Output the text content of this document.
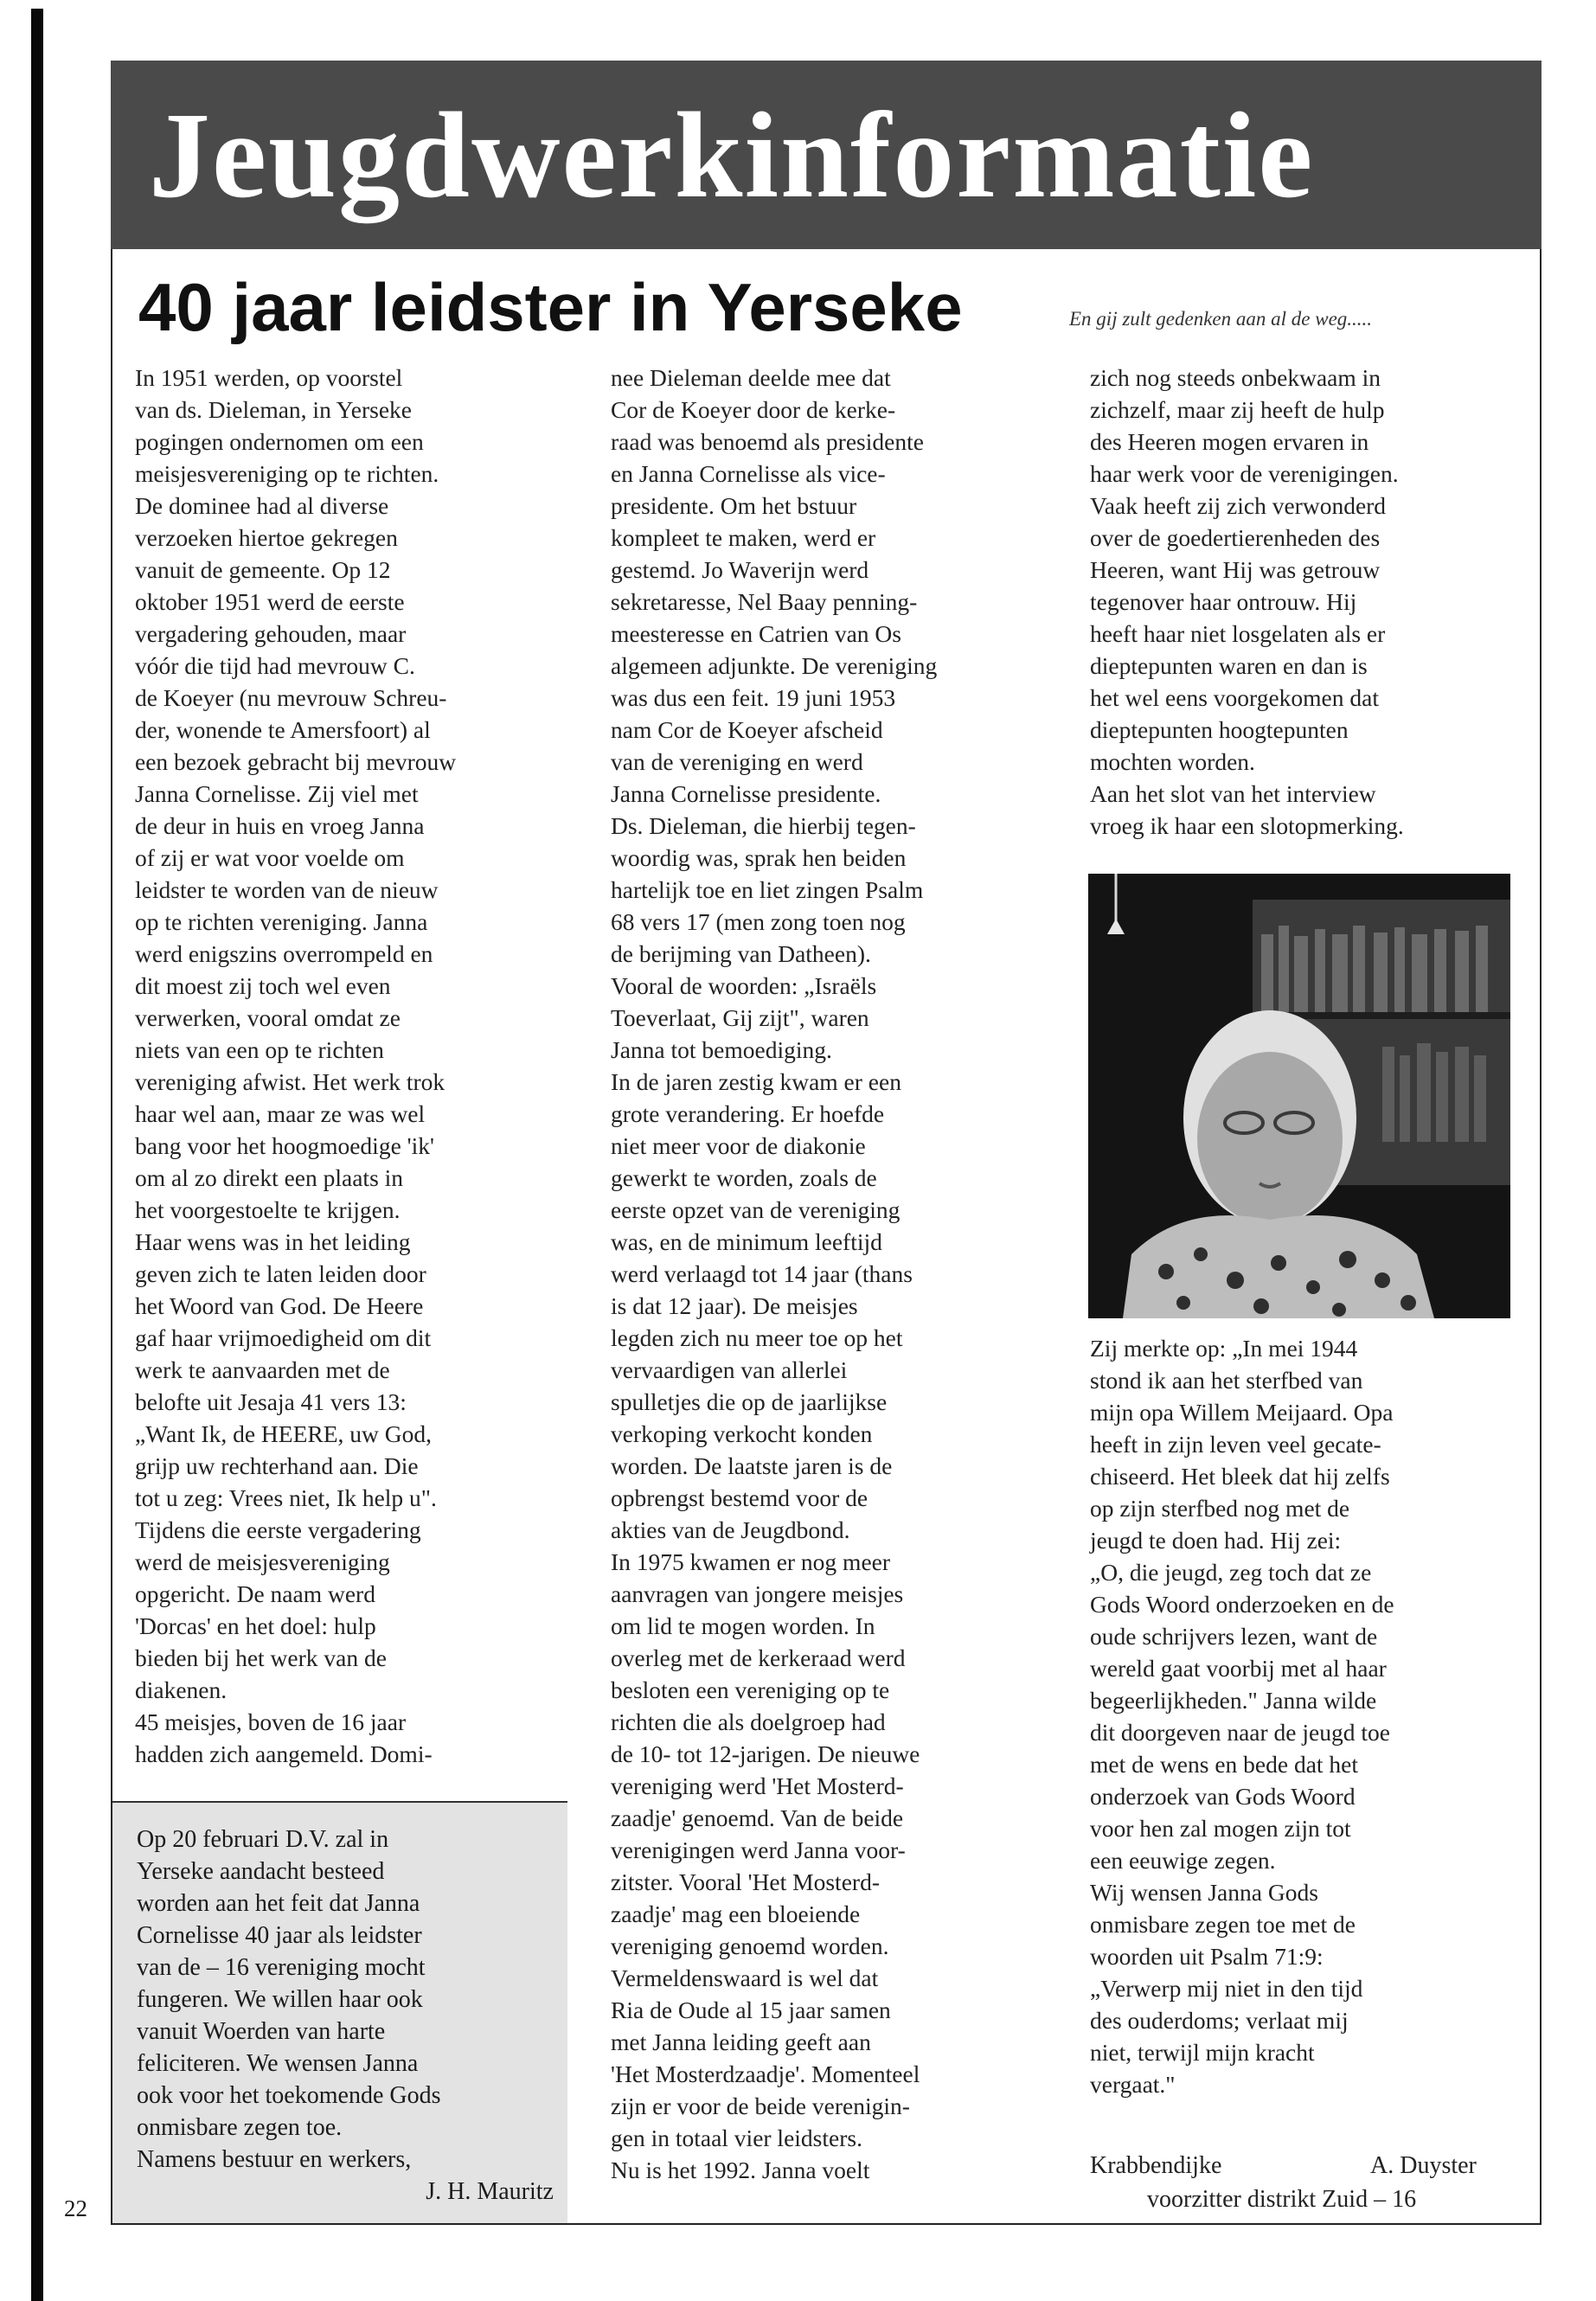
Jeugdwerkinformatie
40 jaar leidster in Yerseke	En gij zult gedenken aan al de weg.....

In 1951 werden, op voorstel

van ds. Dieleman, in Yerseke

pogingen ondernomen om een

meisjesvereniging op te richten.

De dominee had al diverse

verzoeken hiertoe gekregen

vanuit de gemeente. Op 12

oktober 1951 werd de eerste

vergadering gehouden, maar

vóór die tijd had mevrouw C.

de Koeyer (nu mevrouw Schreu-

der, wonende te Amersfoort) al

een bezoek gebracht bij mevrouw

Janna Cornelisse. Zij viel met

de deur in huis en vroeg Janna

of zij er wat voor voelde om

leidster te worden van de nieuw

op te richten vereniging. Janna

werd enigszins overrompeld en

dit moest zij toch wel even

verwerken, vooral omdat ze

niets van een op te richten

vereniging afwist. Het werk trok

haar wel aan, maar ze was wel

bang voor het hoogmoedige 'ik'

om al zo direkt een plaats in

het voorgestoelte te krijgen.

Haar wens was in het leiding

geven zich te laten leiden door

het Woord van God. De Heere

gaf haar vrijmoedigheid om dit

werk te aanvaarden met de

belofte uit Jesaja 41 vers 13:

„Want Ik, de HEERE, uw God,

grijp uw rechterhand aan. Die

tot u zeg: Vrees niet, Ik help u".

Tijdens die eerste vergadering

werd de meisjesvereniging

opgericht. De naam werd

'Dorcas' en het doel: hulp

bieden bij het werk van de

diakenen.

45 meisjes, boven de 16 jaar

hadden zich aangemeld. Domi-

nee Dieleman deelde mee dat

Cor de Koeyer door de kerke-

raad was benoemd als presidente

en Janna Cornelisse als vice-

presidente. Om het bstuur

kompleet te maken, werd er

gestemd. Jo Waverijn werd

sekretaresse, Nel Baay penning-

meesteresse en Catrien van Os

algemeen adjunkte. De vereniging

was dus een feit. 19 juni 1953

nam Cor de Koeyer afscheid

van de vereniging en werd

Janna Cornelisse presidente.

Ds. Dieleman, die hierbij tegen-

woordig was, sprak hen beiden

hartelijk toe en liet zingen Psalm

68 vers 17 (men zong toen nog

de berijming van Datheen).

Vooral de woorden: „Israëls

Toeverlaat, Gij zijt", waren

Janna tot bemoediging.

In de jaren zestig kwam er een

grote verandering. Er hoefde

niet meer voor de diakonie

gewerkt te worden, zoals de

eerste opzet van de vereniging

was, en de minimum leeftijd

werd verlaagd tot 14 jaar (thans

is dat 12 jaar). De meisjes

legden zich nu meer toe op het

vervaardigen van allerlei

spulletjes die op de jaarlijkse

verkoping verkocht konden

worden. De laatste jaren is de

opbrengst bestemd voor de

akties van de Jeugdbond.

In 1975 kwamen er nog meer

aanvragen van jongere meisjes

om lid te mogen worden. In

overleg met de kerkeraad werd

besloten een vereniging op te

richten die als doelgroep had

de 10- tot 12-jarigen. De nieuwe

vereniging werd 'Het Mosterd-

zaadje' genoemd. Van de beide

verenigingen werd Janna voor-

zitster. Vooral 'Het Mosterd-

zaadje' mag een bloeiende

vereniging genoemd worden.

Vermeldenswaard is wel dat

Ria de Oude al 15 jaar samen

met Janna leiding geeft aan

'Het Mosterdzaadje'. Momenteel

zijn er voor de beide verenigin-

gen in totaal vier leidsters.

Nu is het 1992. Janna voelt

zich nog steeds onbekwaam in

zichzelf, maar zij heeft de hulp

des Heeren mogen ervaren in

haar werk voor de verenigingen.

Vaak heeft zij zich verwonderd

over de goedertierenheden des

Heeren, want Hij was getrouw

tegenover haar ontrouw. Hij

heeft haar niet losgelaten als er

dieptepunten waren en dan is

het wel eens voorgekomen dat

dieptepunten hoogtepunten

mochten worden.

Aan het slot van het interview

vroeg ik haar een slotopmerking.

Zij merkte op: „In mei 1944

stond ik aan het sterfbed van

mijn opa Willem Meijaard. Opa

heeft in zijn leven veel gecate-

chiseerd. Het bleek dat hij zelfs

op zijn sterfbed nog met de

jeugd te doen had. Hij zei:

„O, die jeugd, zeg toch dat ze

Gods Woord onderzoeken en de

oude schrijvers lezen, want de

wereld gaat voorbij met al haar

begeerlijkheden." Janna wilde

dit doorgeven naar de jeugd toe

met de wens en bede dat het

onderzoek van Gods Woord

voor hen zal mogen zijn tot

een eeuwige zegen.

Wij wensen Janna Gods

onmisbare zegen toe met de

woorden uit Psalm 71:9:

„Verwerp mij niet in den tijd

des ouderdoms; verlaat mij

niet, terwijl mijn kracht

vergaat."

Krabbendijke	A. Duyster
voorzitter distrikt Zuid – 16

Op 20 februari D.V. zal in

Yerseke aandacht besteed

worden aan het feit dat Janna

Cornelisse 40 jaar als leidster

van de – 16 vereniging mocht

fungeren. We willen haar ook

vanuit Woerden van harte

feliciteren. We wensen Janna

ook voor het toekomende Gods

onmisbare zegen toe.

Namens bestuur en werkers,

J. H. Mauritz

22
